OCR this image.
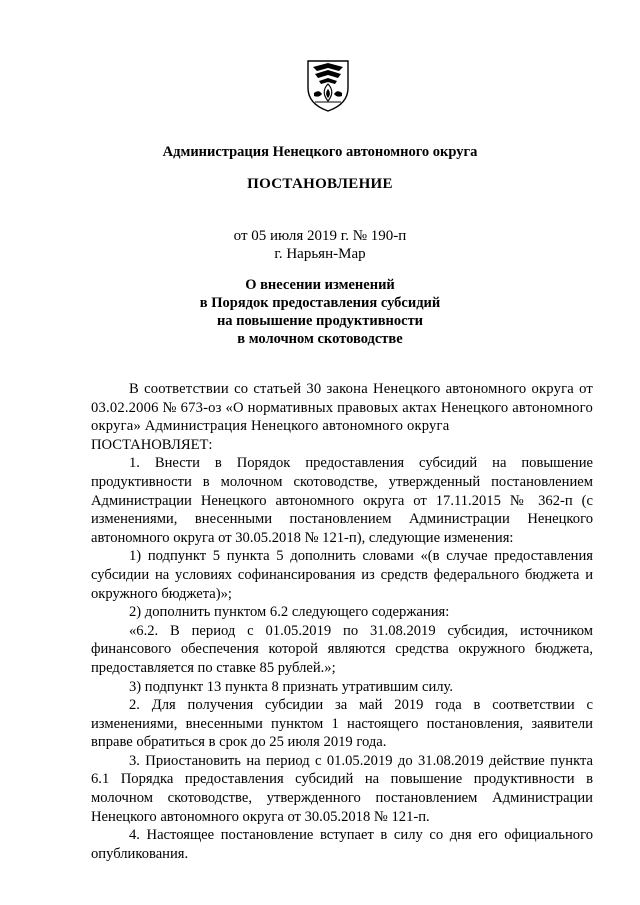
Администрация Ненецкого автономного округа
ПОСТАНОВЛЕНИЕ
от 05 июля 2019 г. № 190-п
г. Нарьян-Мар
О внесении изменений
в Порядок предоставления субсидий
на повышение продуктивности
в молочном скотоводстве

В соответствии со статьей 30 закона Ненецкого автономного округа от 03.02.2006 № 673-оз «О нормативных правовых актах Ненецкого автономного округа» Администрация Ненецкого автономного округа

ПОСТАНОВЛЯЕТ:

1. Внести в Порядок предоставления субсидий на повышение продуктивности в молочном скотоводстве, утвержденный постановлением Администрации Ненецкого автономного округа от 17.11.2015 № 362-п (с изменениями, внесенными постановлением Администрации Ненецкого автономного округа от 30.05.2018 № 121-п), следующие изменения:

1) подпункт 5 пункта 5 дополнить словами «(в случае предоставления субсидии на условиях софинансирования из средств федерального бюджета и окружного бюджета)»;

2) дополнить пунктом 6.2 следующего содержания:

«6.2. В период с 01.05.2019 по 31.08.2019 субсидия, источником финансового обеспечения которой являются средства окружного бюджета, предоставляется по ставке 85 рублей.»;

3) подпункт 13 пункта 8 признать утратившим силу.

2. Для получения субсидии за май 2019 года в соответствии с изменениями, внесенными пунктом 1 настоящего постановления, заявители вправе обратиться в срок до 25 июля 2019 года.

3. Приостановить на период с 01.05.2019 до 31.08.2019 действие пункта 6.1 Порядка предоставления субсидий на повышение продуктивности в молочном скотоводстве, утвержденного постановлением Администрации Ненецкого автономного округа от 30.05.2018 № 121-п.

4. Настоящее постановление вступает в силу со дня его официального опубликования.
